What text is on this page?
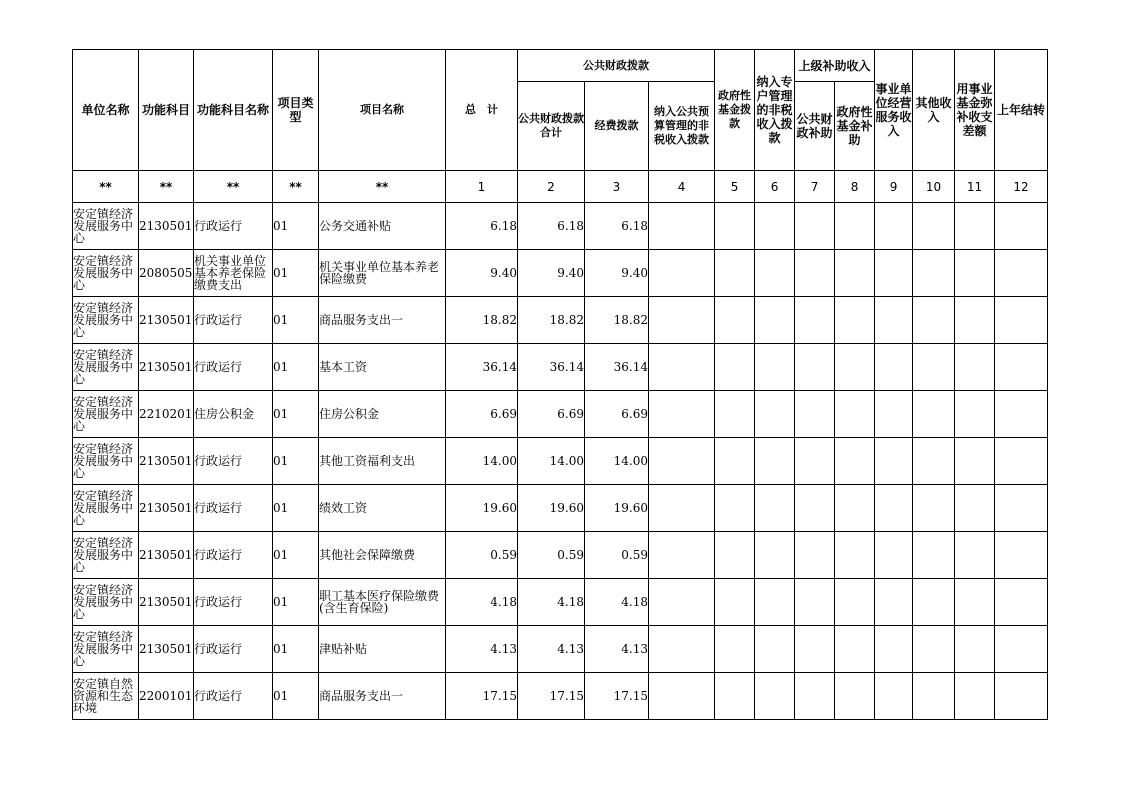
单位名称	功能科目	功能科目名称	项目类型	项目名称	总　计	公共财政拨款			政府性基金拨款	纳入专户管理的非税收入拨款	上级补助收入		事业单位经营服务收入	其他收入	用事业基金弥补收支差额	上年结转
						公共财政拨款合计	经费拨款	纳入公共预算管理的非税收入拨款			公共财政补助	政府性基金补助				
**	**	**	**	**	1	2	3	4	5	6	7	8	9	10	11	12
安定镇经济发展服务中心	2130501	行政运行	01	公务交通补贴	6.18	6.18	6.18									
安定镇经济发展服务中心	2080505	机关事业单位基本养老保险缴费支出	01	机关事业单位基本养老保险缴费	9.40	9.40	9.40									
安定镇经济发展服务中心	2130501	行政运行	01	商品服务支出一	18.82	18.82	18.82									
安定镇经济发展服务中心	2130501	行政运行	01	基本工资	36.14	36.14	36.14									
安定镇经济发展服务中心	2210201	住房公积金	01	住房公积金	6.69	6.69	6.69									
安定镇经济发展服务中心	2130501	行政运行	01	其他工资福利支出	14.00	14.00	14.00									
安定镇经济发展服务中心	2130501	行政运行	01	绩效工资	19.60	19.60	19.60									
安定镇经济发展服务中心	2130501	行政运行	01	其他社会保障缴费	0.59	0.59	0.59									
安定镇经济发展服务中心	2130501	行政运行	01	职工基本医疗保险缴费(含生育保险)	4.18	4.18	4.18									
安定镇经济发展服务中心	2130501	行政运行	01	津贴补贴	4.13	4.13	4.13									
安定镇自然资源和生态环境	2200101	行政运行	01	商品服务支出一	17.15	17.15	17.15									
